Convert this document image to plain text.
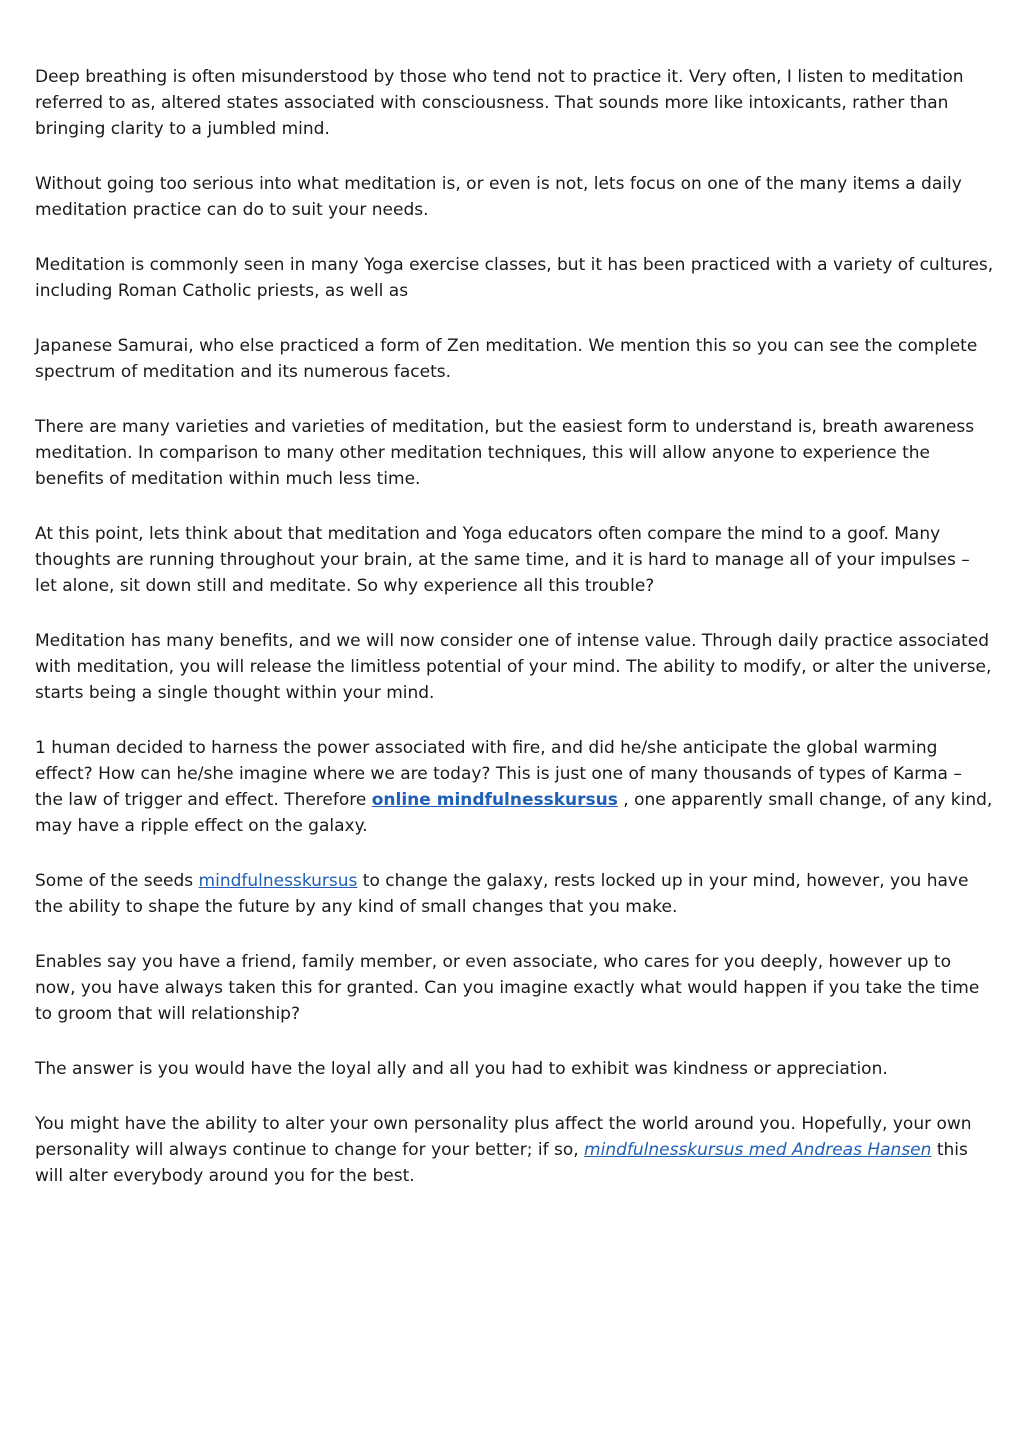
Deep breathing is often misunderstood by those who tend not to practice it. Very often, I listen to meditation referred to as, altered states associated with consciousness. That sounds more like intoxicants, rather than bringing clarity to a jumbled mind.

Without going too serious into what meditation is, or even is not, lets focus on one of the many items a daily meditation practice can do to suit your needs.

Meditation is commonly seen in many Yoga exercise classes, but it has been practiced with a variety of cultures, including Roman Catholic priests, as well as

Japanese Samurai, who else practiced a form of Zen meditation. We mention this so you can see the complete spectrum of meditation and its numerous facets.

There are many varieties and varieties of meditation, but the easiest form to understand is, breath awareness meditation. In comparison to many other meditation techniques, this will allow anyone to experience the benefits of meditation within much less time.

At this point, lets think about that meditation and Yoga educators often compare the mind to a goof. Many thoughts are running throughout your brain, at the same time, and it is hard to manage all of your impulses – let alone, sit down still and meditate. So why experience all this trouble?

Meditation has many benefits, and we will now consider one of intense value. Through daily practice associated with meditation, you will release the limitless potential of your mind. The ability to modify, or alter the universe, starts being a single thought within your mind.

1 human decided to harness the power associated with fire, and did he/she anticipate the global warming effect? How can he/she imagine where we are today? This is just one of many thousands of types of Karma – the law of trigger and effect. Therefore online mindfulnesskursus , one apparently small change, of any kind, may have a ripple effect on the galaxy.

Some of the seeds mindfulnesskursus to change the galaxy, rests locked up in your mind, however, you have the ability to shape the future by any kind of small changes that you make.

Enables say you have a friend, family member, or even associate, who cares for you deeply, however up to now, you have always taken this for granted. Can you imagine exactly what would happen if you take the time to groom that will relationship?

The answer is you would have the loyal ally and all you had to exhibit was kindness or appreciation.

You might have the ability to alter your own personality plus affect the world around you. Hopefully, your own personality will always continue to change for your better; if so, mindfulnesskursus med Andreas Hansen this will alter everybody around you for the best.
